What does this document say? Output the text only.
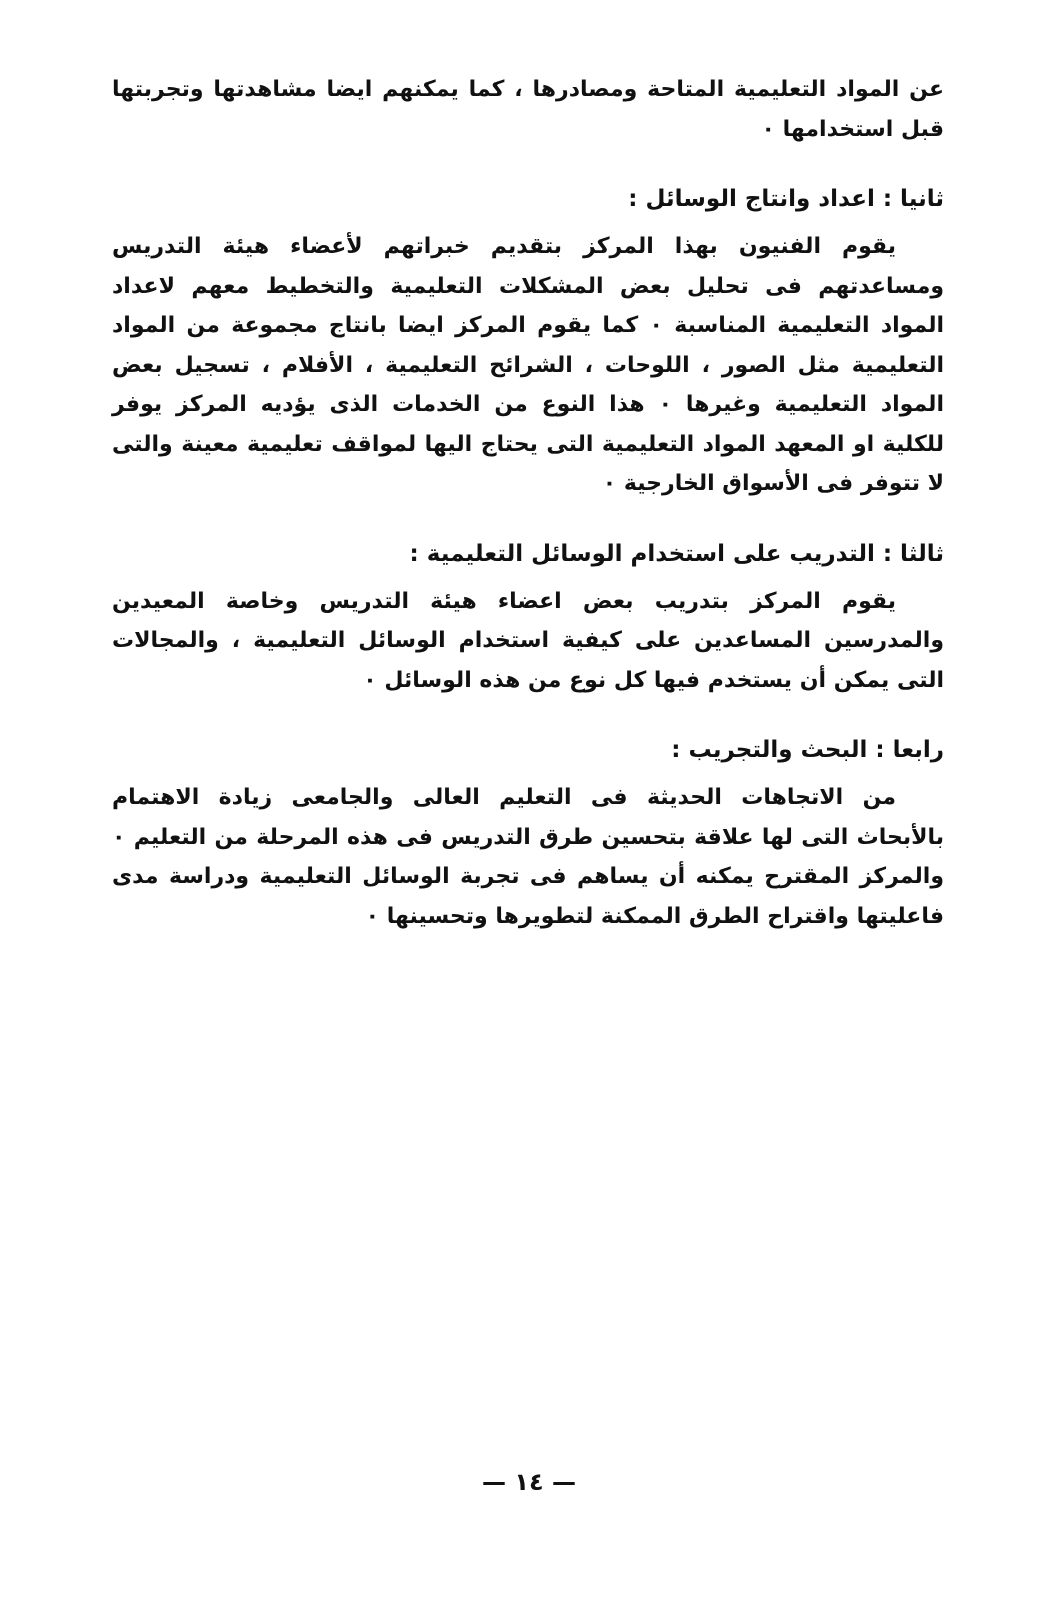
عن المواد التعليمية المتاحة ومصادرها ، كما يمكنهم ايضا مشاهدتها وتجربتها قبل استخدامها ٠

ثانيا : اعداد وانتاج الوسائل :

يقوم الفنيون بهذا المركز بتقديم خبراتهم لأعضاء هيئة التدريس ومساعدتهم فى تحليل بعض المشكلات التعليمية والتخطيط معهم لاعداد المواد التعليمية المناسبة ٠ كما يقوم المركز ايضا بانتاج مجموعة من المواد التعليمية مثل الصور ، اللوحات ، الشرائح التعليمية ، الأفلام ، تسجيل بعض المواد التعليمية وغيرها ٠ هذا النوع من الخدمات الذى يؤديه المركز يوفر للكلية او المعهد المواد التعليمية التى يحتاج اليها لمواقف تعليمية معينة والتى لا تتوفر فى الأسواق الخارجية ٠

ثالثا : التدريب على استخدام الوسائل التعليمية :

يقوم المركز بتدريب بعض اعضاء هيئة التدريس وخاصة المعيدين والمدرسين المساعدين على كيفية استخدام الوسائل التعليمية ، والمجالات التى يمكن أن يستخدم فيها كل نوع من هذه الوسائل ٠

رابعا : البحث والتجريب :

من الاتجاهات الحديثة فى التعليم العالى والجامعى زيادة الاهتمام بالأبحاث التى لها علاقة بتحسين طرق التدريس فى هذه المرحلة من التعليم ٠ والمركز المقترح يمكنه أن يساهم فى تجربة الوسائل التعليمية ودراسة مدى فاعليتها واقتراح الطرق الممكنة لتطويرها وتحسينها ٠

— ١٤ —
